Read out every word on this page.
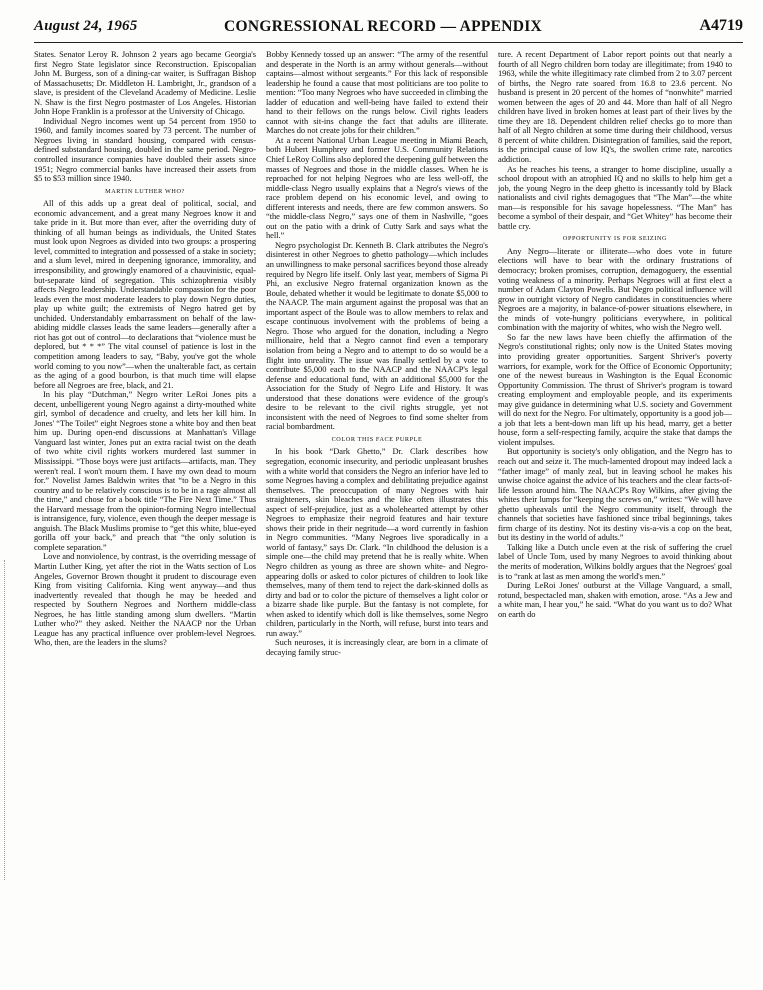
August 24, 1965	CONGRESSIONAL RECORD — APPENDIX	A4719

States. Senator Leroy R. Johnson 2 years ago became Georgia's first Negro State legislator since Reconstruction. Episcopalian John M. Burgess, son of a dining-car waiter, is Suffragan Bishop of Massachusetts; Dr. Middleton H. Lambright, Jr., grandson of a slave, is president of the Cleveland Academy of Medicine. Leslie N. Shaw is the first Negro postmaster of Los Angeles. Historian John Hope Franklin is a professor at the University of Chicago.

Individual Negro incomes went up 54 percent from 1950 to 1960, and family incomes soared by 73 percent. The number of Negroes living in standard housing, compared with census-defined substandard housing, doubled in the same period. Negro-controlled insurance companies have doubled their assets since 1951; Negro commercial banks have increased their assets from $5 to $53 million since 1940.

MARTIN LUTHER WHO?

All of this adds up a great deal of political, social, and economic advancement, and a great many Negroes know it and take pride in it. But more than ever, after the overriding duty of thinking of all human beings as individuals, the United States must look upon Negroes as divided into two groups: a prospering level, committed to integration and possessed of a stake in society; and a slum level, mired in deepening ignorance, immorality, and irresponsibility, and growingly enamored of a chauvinistic, equal-but-separate kind of segregation. This schizophrenia visibly affects Negro leadership. Understandable compassion for the poor leads even the most moderate leaders to play down Negro duties, play up white guilt; the extremists of Negro hatred get by unchided. Understandably embarrassment on behalf of the law-abiding middle classes leads the same leaders—generally after a riot has got out of control—to declarations that “violence must be deplored, but * * *” The vital counsel of patience is lost in the competition among leaders to say, “Baby, you've got the whole world coming to you now”—when the unalterable fact, as certain as the aging of a good bourbon, is that much time will elapse before all Negroes are free, black, and 21.

In his play “Dutchman,” Negro writer LeRoi Jones pits a decent, unbelligerent young Negro against a dirty-mouthed white girl, symbol of decadence and cruelty, and lets her kill him. In Jones' “The Toilet” eight Negroes stone a white boy and then beat him up. During open-end discussions at Manhattan's Village Vanguard last winter, Jones put an extra racial twist on the death of two white civil rights workers murdered last summer in Mississippi. “Those boys were just artifacts—artifacts, man. They weren't real. I won't mourn them. I have my own dead to mourn for.” Novelist James Baldwin writes that “to be a Negro in this country and to be relatively conscious is to be in a rage almost all the time,” and chose for a book title “The Fire Next Time.” Thus the Harvard message from the opinion-forming Negro intellectual is intransigence, fury, violence, even though the deeper message is anguish. The Black Muslims promise to “get this white, blue-eyed gorilla off your back,” and preach that “the only solution is complete separation.”

Love and nonviolence, by contrast, is the overriding message of Martin Luther King, yet after the riot in the Watts section of Los Angeles, Governor Brown thought it prudent to discourage even King from visiting California. King went anyway—and thus inadvertently revealed that though he may be heeded and respected by Southern Negroes and Northern middle-class Negroes, he has little standing among slum dwellers. “Martin Luther who?” they asked. Neither the NAACP nor the Urban League has any practical influence over problem-level Negroes. Who, then, are the leaders in the slums?

Bobby Kennedy tossed up an answer: “The army of the resentful and desperate in the North is an army without generals—without captains—almost without sergeants.” For this lack of responsible leadership he found a cause that most politicians are too polite to mention: “Too many Negroes who have succeeded in climbing the ladder of education and well-being have failed to extend their hand to their fellows on the rungs below. Civil rights leaders cannot with sit-ins change the fact that adults are illiterate. Marches do not create jobs for their children.”

At a recent National Urban League meeting in Miami Beach, both Hubert Humphrey and former U.S. Community Relations Chief LeRoy Collins also deplored the deepening gulf between the masses of Negroes and those in the middle classes. When he is reproached for not helping Negroes who are less well-off, the middle-class Negro usually explains that a Negro's views of the race problem depend on his economic level, and owing to different interests and needs, there are few common answers. So “the middle-class Negro,” says one of them in Nashville, “goes out on the patio with a drink of Cutty Sark and says what the hell.”

Negro psychologist Dr. Kenneth B. Clark attributes the Negro's disinterest in other Negroes to ghetto pathology—which includes an unwillingness to make personal sacrifices beyond those already required by Negro life itself. Only last year, members of Sigma Pi Phi, an exclusive Negro fraternal organization known as the Boule, debated whether it would be legitimate to donate $5,000 to the NAACP. The main argument against the proposal was that an important aspect of the Boule was to allow members to relax and escape continuous involvement with the problems of being a Negro. Those who argued for the donation, including a Negro millionaire, held that a Negro cannot find even a temporary isolation from being a Negro and to attempt to do so would be a flight into unreality. The issue was finally settled by a vote to contribute $5,000 each to the NAACP and the NAACP's legal defense and educational fund, with an additional $5,000 for the Association for the Study of Negro Life and History. It was understood that these donations were evidence of the group's desire to be relevant to the civil rights struggle, yet not inconsistent with the need of Negroes to find some shelter from racial bombardment.

COLOR THIS FACE PURPLE

In his book “Dark Ghetto,” Dr. Clark describes how segregation, economic insecurity, and periodic unpleasant brushes with a white world that considers the Negro an inferior have led to some Negroes having a complex and debilitating prejudice against themselves. The preoccupation of many Negroes with hair straighteners, skin bleaches and the like often illustrates this aspect of self-prejudice, just as a wholehearted attempt by other Negroes to emphasize their negroid features and hair texture shows their pride in their negritude—a word currently in fashion in Negro communities. “Many Negroes live sporadically in a world of fantasy,” says Dr. Clark. “In childhood the delusion is a simple one—the child may pretend that he is really white. When Negro children as young as three are shown white- and Negro-appearing dolls or asked to color pictures of children to look like themselves, many of them tend to reject the dark-skinned dolls as dirty and bad or to color the picture of themselves a light color or a bizarre shade like purple. But the fantasy is not complete, for when asked to identify which doll is like themselves, some Negro children, particularly in the North, will refuse, burst into tears and run away.”

Such neuroses, it is increasingly clear, are born in a climate of decaying family struc-

ture. A recent Department of Labor report points out that nearly a fourth of all Negro children born today are illegitimate; from 1940 to 1963, while the white illegitimacy rate climbed from 2 to 3.07 percent of births, the Negro rate soared from 16.8 to 23.6 percent. No husband is present in 20 percent of the homes of “nonwhite” married women between the ages of 20 and 44. More than half of all Negro children have lived in broken homes at least part of their lives by the time they are 18. Dependent children relief checks go to more than half of all Negro children at some time during their childhood, versus 8 percent of white children. Disintegration of families, said the report, is the principal cause of low IQ's, the swollen crime rate, narcotics addiction.

As he reaches his teens, a stranger to home discipline, usually a school dropout with an atrophied IQ and no skills to help him get a job, the young Negro in the deep ghetto is incessantly told by Black nationalists and civil rights demagogues that “The Man”—the white man—is responsible for his savage hopelessness. “The Man” has become a symbol of their despair, and “Get Whitey” has become their battle cry.

OPPORTUNITY IS FOR SEIZING

Any Negro—literate or illiterate—who does vote in future elections will have to bear with the ordinary frustrations of democracy; broken promises, corruption, demagoguery, the essential voting weakness of a minority. Perhaps Negroes will at first elect a number of Adam Clayton Powells. But Negro political influence will grow in outright victory of Negro candidates in constituencies where Negroes are a majority, in balance-of-power situations elsewhere, in the minds of vote-hungry politicians everywhere, in political combination with the majority of whites, who wish the Negro well.

So far the new laws have been chiefly the affirmation of the Negro's constitutional rights; only now is the United States moving into providing greater opportunities. Sargent Shriver's poverty warriors, for example, work for the Office of Economic Opportunity; one of the newest bureaus in Washington is the Equal Economic Opportunity Commission. The thrust of Shriver's program is toward creating employment and employable people, and its experiments may give guidance in determining what U.S. society and Government will do next for the Negro. For ultimately, opportunity is a good job—a job that lets a bent-down man lift up his head, marry, get a better house, form a self-respecting family, acquire the stake that damps the violent impulses.

But opportunity is society's only obligation, and the Negro has to reach out and seize it. The much-lamented dropout may indeed lack a “father image” of manly zeal, but in leaving school he makes his unwise choice against the advice of his teachers and the clear facts-of-life lesson around him. The NAACP's Roy Wilkins, after giving the whites their lumps for “keeping the screws on,” writes: “We will have ghetto upheavals until the Negro community itself, through the channels that societies have fashioned since tribal beginnings, takes firm charge of its destiny. Not its destiny vis-a-vis a cop on the beat, but its destiny in the world of adults.”

Talking like a Dutch uncle even at the risk of suffering the cruel label of Uncle Tom, used by many Negroes to avoid thinking about the merits of moderation, Wilkins boldly argues that the Negroes' goal is to “rank at last as men among the world's men.”

During LeRoi Jones' outburst at the Village Vanguard, a small, rotund, bespectacled man, shaken with emotion, arose. “As a Jew and a white man, I hear you,” he said. “What do you want us to do? What on earth do
